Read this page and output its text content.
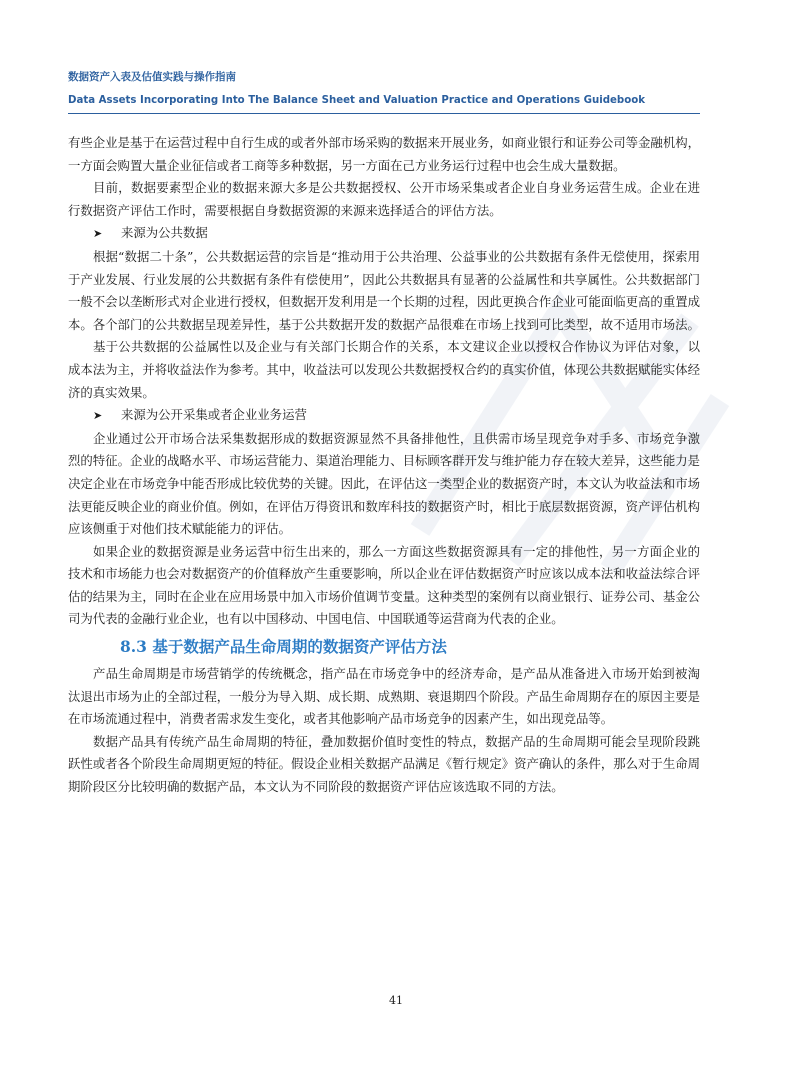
数据资产入表及估值实践与操作指南
Data Assets Incorporating Into The Balance Sheet and Valuation Practice and Operations Guidebook

有些企业是基于在运营过程中自行生成的或者外部市场采购的数据来开展业务，如商业银行和证券公司等金融机构，一方面会购置大量企业征信或者工商等多种数据，另一方面在己方业务运行过程中也会生成大量数据。

目前，数据要素型企业的数据来源大多是公共数据授权、公开市场采集或者企业自身业务运营生成。企业在进行数据资产评估工作时，需要根据自身数据资源的来源来选择适合的评估方法。

➤ 来源为公共数据

根据“数据二十条”，公共数据运营的宗旨是“推动用于公共治理、公益事业的公共数据有条件无偿使用，探索用于产业发展、行业发展的公共数据有条件有偿使用”，因此公共数据具有显著的公益属性和共享属性。公共数据部门一般不会以垄断形式对企业进行授权，但数据开发利用是一个长期的过程，因此更换合作企业可能面临更高的重置成本。各个部门的公共数据呈现差异性，基于公共数据开发的数据产品很难在市场上找到可比类型，故不适用市场法。

基于公共数据的公益属性以及企业与有关部门长期合作的关系，本文建议企业以授权合作协议为评估对象，以成本法为主，并将收益法作为参考。其中，收益法可以发现公共数据授权合约的真实价值，体现公共数据赋能实体经济的真实效果。

➤ 来源为公开采集或者企业业务运营

企业通过公开市场合法采集数据形成的数据资源显然不具备排他性，且供需市场呈现竞争对手多、市场竞争激烈的特征。企业的战略水平、市场运营能力、渠道治理能力、目标顾客群开发与维护能力存在较大差异，这些能力是决定企业在市场竞争中能否形成比较优势的关键。因此，在评估这一类型企业的数据资产时，本文认为收益法和市场法更能反映企业的商业价值。例如，在评估万得资讯和数库科技的数据资产时，相比于底层数据资源，资产评估机构应该侧重于对他们技术赋能能力的评估。

如果企业的数据资源是业务运营中衍生出来的，那么一方面这些数据资源具有一定的排他性，另一方面企业的技术和市场能力也会对数据资产的价值释放产生重要影响，所以企业在评估数据资产时应该以成本法和收益法综合评估的结果为主，同时在企业在应用场景中加入市场价值调节变量。这种类型的案例有以商业银行、证券公司、基金公司为代表的金融行业企业，也有以中国移动、中国电信、中国联通等运营商为代表的企业。

8.3 基于数据产品生命周期的数据资产评估方法

产品生命周期是市场营销学的传统概念，指产品在市场竞争中的经济寿命，是产品从准备进入市场开始到被淘汰退出市场为止的全部过程，一般分为导入期、成长期、成熟期、衰退期四个阶段。产品生命周期存在的原因主要是在市场流通过程中，消费者需求发生变化，或者其他影响产品市场竞争的因素产生，如出现竞品等。

数据产品具有传统产品生命周期的特征，叠加数据价值时变性的特点，数据产品的生命周期可能会呈现阶段跳跃性或者各个阶段生命周期更短的特征。假设企业相关数据产品满足《暂行规定》资产确认的条件，那么对于生命周期阶段区分比较明确的数据产品，本文认为不同阶段的数据资产评估应该选取不同的方法。

41
